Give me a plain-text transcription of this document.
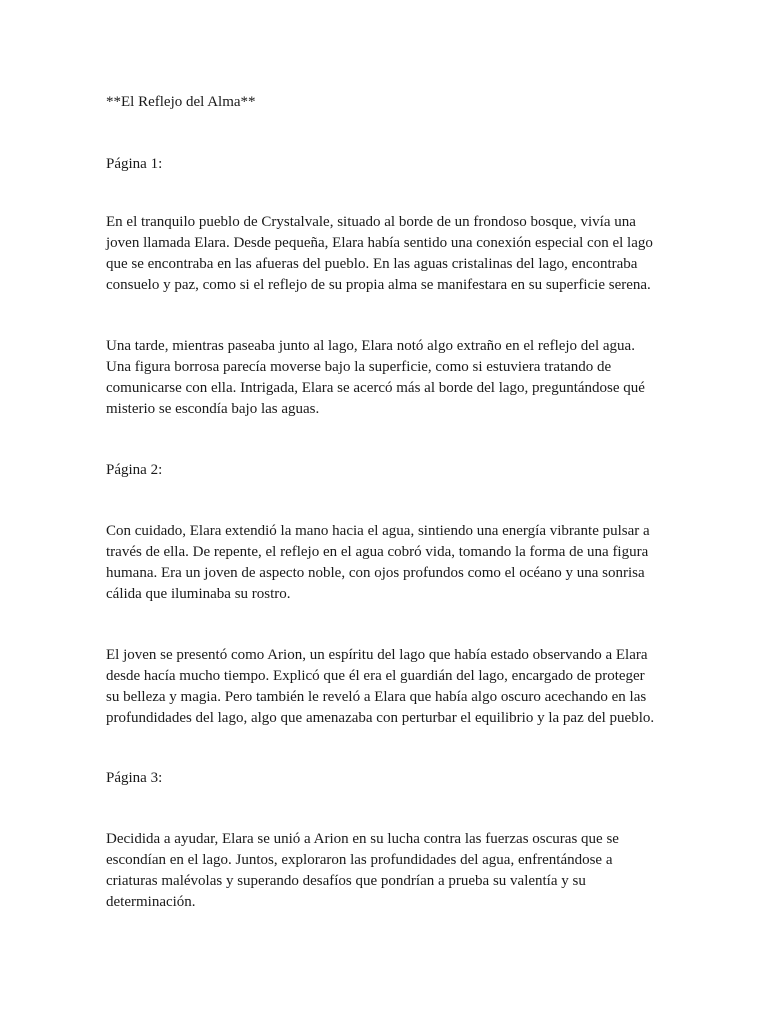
**El Reflejo del Alma**

Página 1:

En el tranquilo pueblo de Crystalvale, situado al borde de un frondoso bosque, vivía una
joven llamada Elara. Desde pequeña, Elara había sentido una conexión especial con el lago
que se encontraba en las afueras del pueblo. En las aguas cristalinas del lago, encontraba
consuelo y paz, como si el reflejo de su propia alma se manifestara en su superficie serena.

Una tarde, mientras paseaba junto al lago, Elara notó algo extraño en el reflejo del agua.
Una figura borrosa parecía moverse bajo la superficie, como si estuviera tratando de
comunicarse con ella. Intrigada, Elara se acercó más al borde del lago, preguntándose qué
misterio se escondía bajo las aguas.

Página 2:

Con cuidado, Elara extendió la mano hacia el agua, sintiendo una energía vibrante pulsar a
través de ella. De repente, el reflejo en el agua cobró vida, tomando la forma de una figura
humana. Era un joven de aspecto noble, con ojos profundos como el océano y una sonrisa
cálida que iluminaba su rostro.

El joven se presentó como Arion, un espíritu del lago que había estado observando a Elara
desde hacía mucho tiempo. Explicó que él era el guardián del lago, encargado de proteger
su belleza y magia. Pero también le reveló a Elara que había algo oscuro acechando en las
profundidades del lago, algo que amenazaba con perturbar el equilibrio y la paz del pueblo.

Página 3:

Decidida a ayudar, Elara se unió a Arion en su lucha contra las fuerzas oscuras que se
escondían en el lago. Juntos, exploraron las profundidades del agua, enfrentándose a
criaturas malévolas y superando desafíos que pondrían a prueba su valentía y su
determinación.
